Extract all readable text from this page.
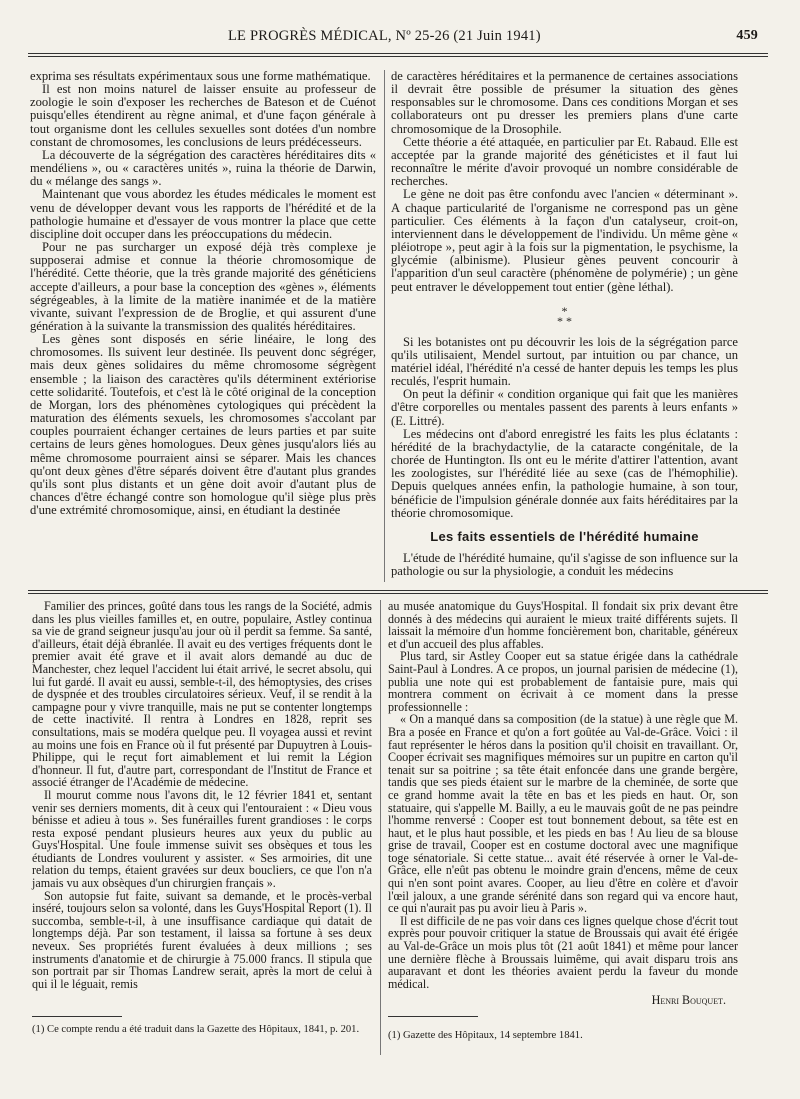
LE PROGRÈS MÉDICAL, Nº 25-26 (21 Juin 1941)	459

exprima ses résultats expérimentaux sous une forme mathématique.

Il est non moins naturel de laisser ensuite au professeur de zoologie le soin d'exposer les recherches de Bateson et de Cuénot puisqu'elles étendirent au règne animal, et d'une façon générale à tout organisme dont les cellules sexuelles sont dotées d'un nombre constant de chromosomes, les conclusions de leurs prédécesseurs.

La découverte de la ségrégation des caractères héréditaires dits « mendéliens », ou « caractères unités », ruina la théorie de Darwin, du « mélange des sangs ».

Maintenant que vous abordez les études médicales le moment est venu de développer devant vous les rapports de l'hérédité et de la pathologie humaine et d'essayer de vous montrer la place que cette discipline doit occuper dans les préoccupations du médecin.

Pour ne pas surcharger un exposé déjà très complexe je supposerai admise et connue la théorie chromosomique de l'hérédité. Cette théorie, que la très grande majorité des généticiens accepte d'ailleurs, a pour base la conception des «gènes », éléments ségrégeables, à la limite de la matière inanimée et de la matière vivante, suivant l'expression de de Broglie, et qui assurent d'une génération à la suivante la transmission des qualités héréditaires.

Les gènes sont disposés en série linéaire, le long des chromosomes. Ils suivent leur destinée. Ils peuvent donc ségréger, mais deux gènes solidaires du même chromosome ségrègent ensemble ; la liaison des caractères qu'ils déterminent extériorise cette solidarité. Toutefois, et c'est là le côté original de la conception de Morgan, lors des phénomènes cytologiques qui précèdent la maturation des éléments sexuels, les chromosomes s'accolant par couples pourraient échanger certaines de leurs parties et par suite certains de leurs gènes homologues. Deux gènes jusqu'alors liés au même chromosome pourraient ainsi se séparer. Mais les chances qu'ont deux gènes d'être séparés doivent être d'autant plus grandes qu'ils sont plus distants et un gène doit avoir d'autant plus de chances d'être échangé contre son homologue qu'il siège plus près d'une extrémité chromosomique, ainsi, en étudiant la destinée

de caractères héréditaires et la permanence de certaines associations il devrait être possible de présumer la situation des gènes responsables sur le chromosome. Dans ces conditions Morgan et ses collaborateurs ont pu dresser les premiers plans d'une carte chromosomique de la Drosophile.

Cette théorie a été attaquée, en particulier par Et. Rabaud. Elle est acceptée par la grande majorité des généticistes et il faut lui reconnaître le mérite d'avoir provoqué un nombre considérable de recherches.

Le gène ne doit pas être confondu avec l'ancien « déterminant ». A chaque particularité de l'organisme ne correspond pas un gène particulier. Ces éléments à la façon d'un catalyseur, croit-on, interviennent dans le développement de l'individu. Un même gène « pléiotrope », peut agir à la fois sur la pigmentation, le psychisme, la glycémie (albinisme). Plusieur gènes peuvent concourir à l'apparition d'un seul caractère (phénomène de polymérie) ; un gène peut entraver le développement tout entier (gène léthal).

*
* *

Si les botanistes ont pu découvrir les lois de la ségrégation parce qu'ils utilisaient, Mendel surtout, par intuition ou par chance, un matériel idéal, l'hérédité n'a cessé de hanter depuis les temps les plus reculés, l'esprit humain.

On peut la définir « condition organique qui fait que les manières d'être corporelles ou mentales passent des parents à leurs enfants » (E. Littré).

Les médecins ont d'abord enregistré les faits les plus éclatants : hérédité de la brachydactylie, de la cataracte congénitale, de la chorée de Huntington. Ils ont eu le mérite d'attirer l'attention, avant les zoologistes, sur l'hérédité liée au sexe (cas de l'hémophilie). Depuis quelques années enfin, la pathologie humaine, à son tour, bénéficie de l'impulsion générale donnée aux faits héréditaires par la théorie chromosomique.

Les faits essentiels de l'hérédité humaine

L'étude de l'hérédité humaine, qu'il s'agisse de son influence sur la pathologie ou sur la physiologie, a conduit les médecins

Familier des princes, goûté dans tous les rangs de la Société, admis dans les plus vieilles familles et, en outre, populaire, Astley continua sa vie de grand seigneur jusqu'au jour où il perdit sa femme. Sa santé, d'ailleurs, était déjà ébranlée. Il avait eu des vertiges fréquents dont le premier avait été grave et il avait alors demandé au duc de Manchester, chez lequel l'accident lui était arrivé, le secret absolu, qui lui fut gardé. Il avait eu aussi, semble-t-il, des hémoptysies, des crises de dyspnée et des troubles circulatoires sérieux. Veuf, il se rendit à la campagne pour y vivre tranquille, mais ne put se contenter longtemps de cette inactivité. Il rentra à Londres en 1828, reprit ses consultations, mais se modéra quelque peu. Il voyagea aussi et revint au moins une fois en France où il fut présenté par Dupuytren à Louis-Philippe, qui le reçut fort aimablement et lui remit la Légion d'honneur. Il fut, d'autre part, correspondant de l'Institut de France et associé étranger de l'Académie de médecine.

Il mourut comme nous l'avons dit, le 12 février 1841 et, sentant venir ses derniers moments, dit à ceux qui l'entouraient : « Dieu vous bénisse et adieu à tous ». Ses funérailles furent grandioses : le corps resta exposé pendant plusieurs heures aux yeux du public au Guys'Hospital. Une foule immense suivit ses obsèques et tous les étudiants de Londres voulurent y assister. « Ses armoiries, dit une relation du temps, étaient gravées sur deux boucliers, ce que l'on n'a jamais vu aux obsèques d'un chirurgien français ».

Son autopsie fut faite, suivant sa demande, et le procès-verbal inséré, toujours selon sa volonté, dans les Guys'Hospital Report (1). Il succomba, semble-t-il, à une insuffisance cardiaque qui datait de longtemps déjà. Par son testament, il laissa sa fortune à ses deux neveux. Ses propriétés furent évaluées à deux millions ; ses instruments d'anatomie et de chirurgie à 75.000 francs. Il stipula que son portrait par sir Thomas Landrew serait, après la mort de celui à qui il le léguait, remis

au musée anatomique du Guys'Hospital. Il fondait six prix devant être donnés à des médecins qui auraient le mieux traité différents sujets. Il laissait la mémoire d'un homme foncièrement bon, charitable, généreux et d'un accueil des plus affables.

Plus tard, sir Astley Cooper eut sa statue érigée dans la cathédrale Saint-Paul à Londres. A ce propos, un journal parisien de médecine (1), publia une note qui est probablement de fantaisie pure, mais qui montrera comment on écrivait à ce moment dans la presse professionnelle :

« On a manqué dans sa composition (de la statue) à une règle que M. Bra a posée en France et qu'on a fort goûtée au Val-de-Grâce. Voici : il faut représenter le héros dans la position qu'il choisit en travaillant. Or, Cooper écrivait ses magnifiques mémoires sur un pupitre en carton qu'il tenait sur sa poitrine ; sa tête était enfoncée dans une grande bergère, tandis que ses pieds étaient sur le marbre de la cheminée, de sorte que ce grand homme avait la tête en bas et les pieds en haut. Or, son statuaire, qui s'appelle M. Bailly, a eu le mauvais goût de ne pas peindre l'homme renversé : Cooper est tout bonnement debout, sa tête est en haut, et le plus haut possible, et les pieds en bas ! Au lieu de sa blouse grise de travail, Cooper est en costume doctoral avec une magnifique toge sénatoriale. Si cette statue... avait été réservée à orner le Val-de-Grâce, elle n'eût pas obtenu le moindre grain d'encens, même de ceux qui n'en sont point avares. Cooper, au lieu d'être en colère et d'avoir l'œil jaloux, a une grande sérénité dans son regard qui va encore haut, ce qui n'aurait pas pu avoir lieu à Paris ».

Il est difficile de ne pas voir dans ces lignes quelque chose d'écrit tout exprès pour pouvoir critiquer la statue de Broussais qui avait été érigée au Val-de-Grâce un mois plus tôt (21 août 1841) et même pour lancer une dernière flèche à Broussais luimême, qui avait disparu trois ans auparavant et dont les théories avaient perdu la faveur du monde médical.

Henri Bouquet.
(1) Ce compte rendu a été traduit dans la Gazette des Hôpitaux, 1841, p. 201.
(1) Gazette des Hôpitaux, 14 septembre 1841.
